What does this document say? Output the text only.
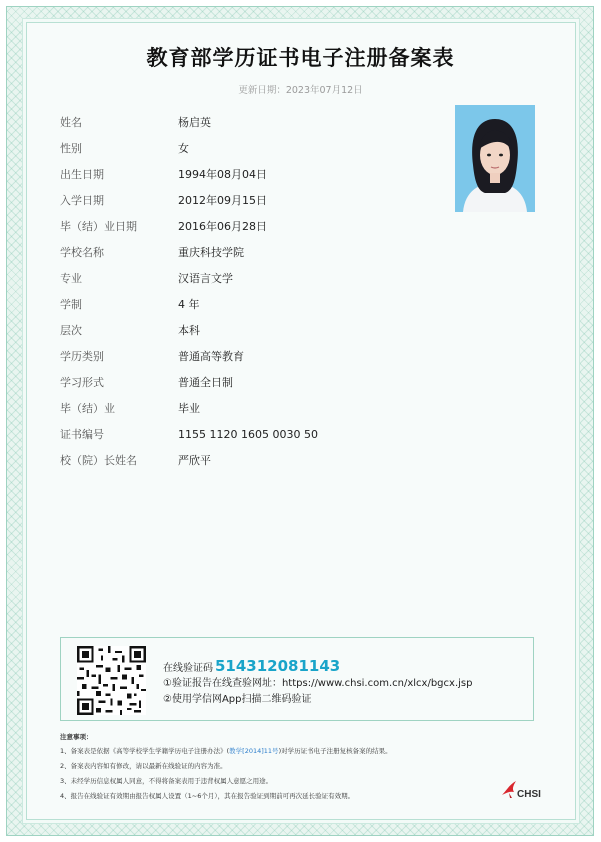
教育部学历证书电子注册备案表
更新日期：2023年07月12日
姓名	杨启英
性别	女
出生日期	1994年08月04日
入学日期	2012年09月15日
毕（结）业日期	2016年06月28日
学校名称	重庆科技学院
专业	汉语言文学
学制	4 年
层次	本科
学历类别	普通高等教育
学习形式	普通全日制
毕（结）业	毕业
证书编号	1155 1120 1605 0030 50
校（院）长姓名	严欣平
在线验证码 514312081143
①验证报告在线查验网址：https://www.chsi.com.cn/xlcx/bgcx.jsp
②使用学信网App扫描二维码验证
注意事项：
1、备案表是依据《高等学校学生学籍学历电子注册办法》(教学[2014]11号)对学历证书电子注册复核备案的结果。
2、备案表内容如有修改，请以最新在线验证的内容为准。
3、未经学历信息权属人同意，不得将备案表用于违背权属人意愿之用途。
4、报告在线验证有效期由报告权属人设置（1~6个月），其在报告验证到期前可再次延长验证有效期。	CHSI
